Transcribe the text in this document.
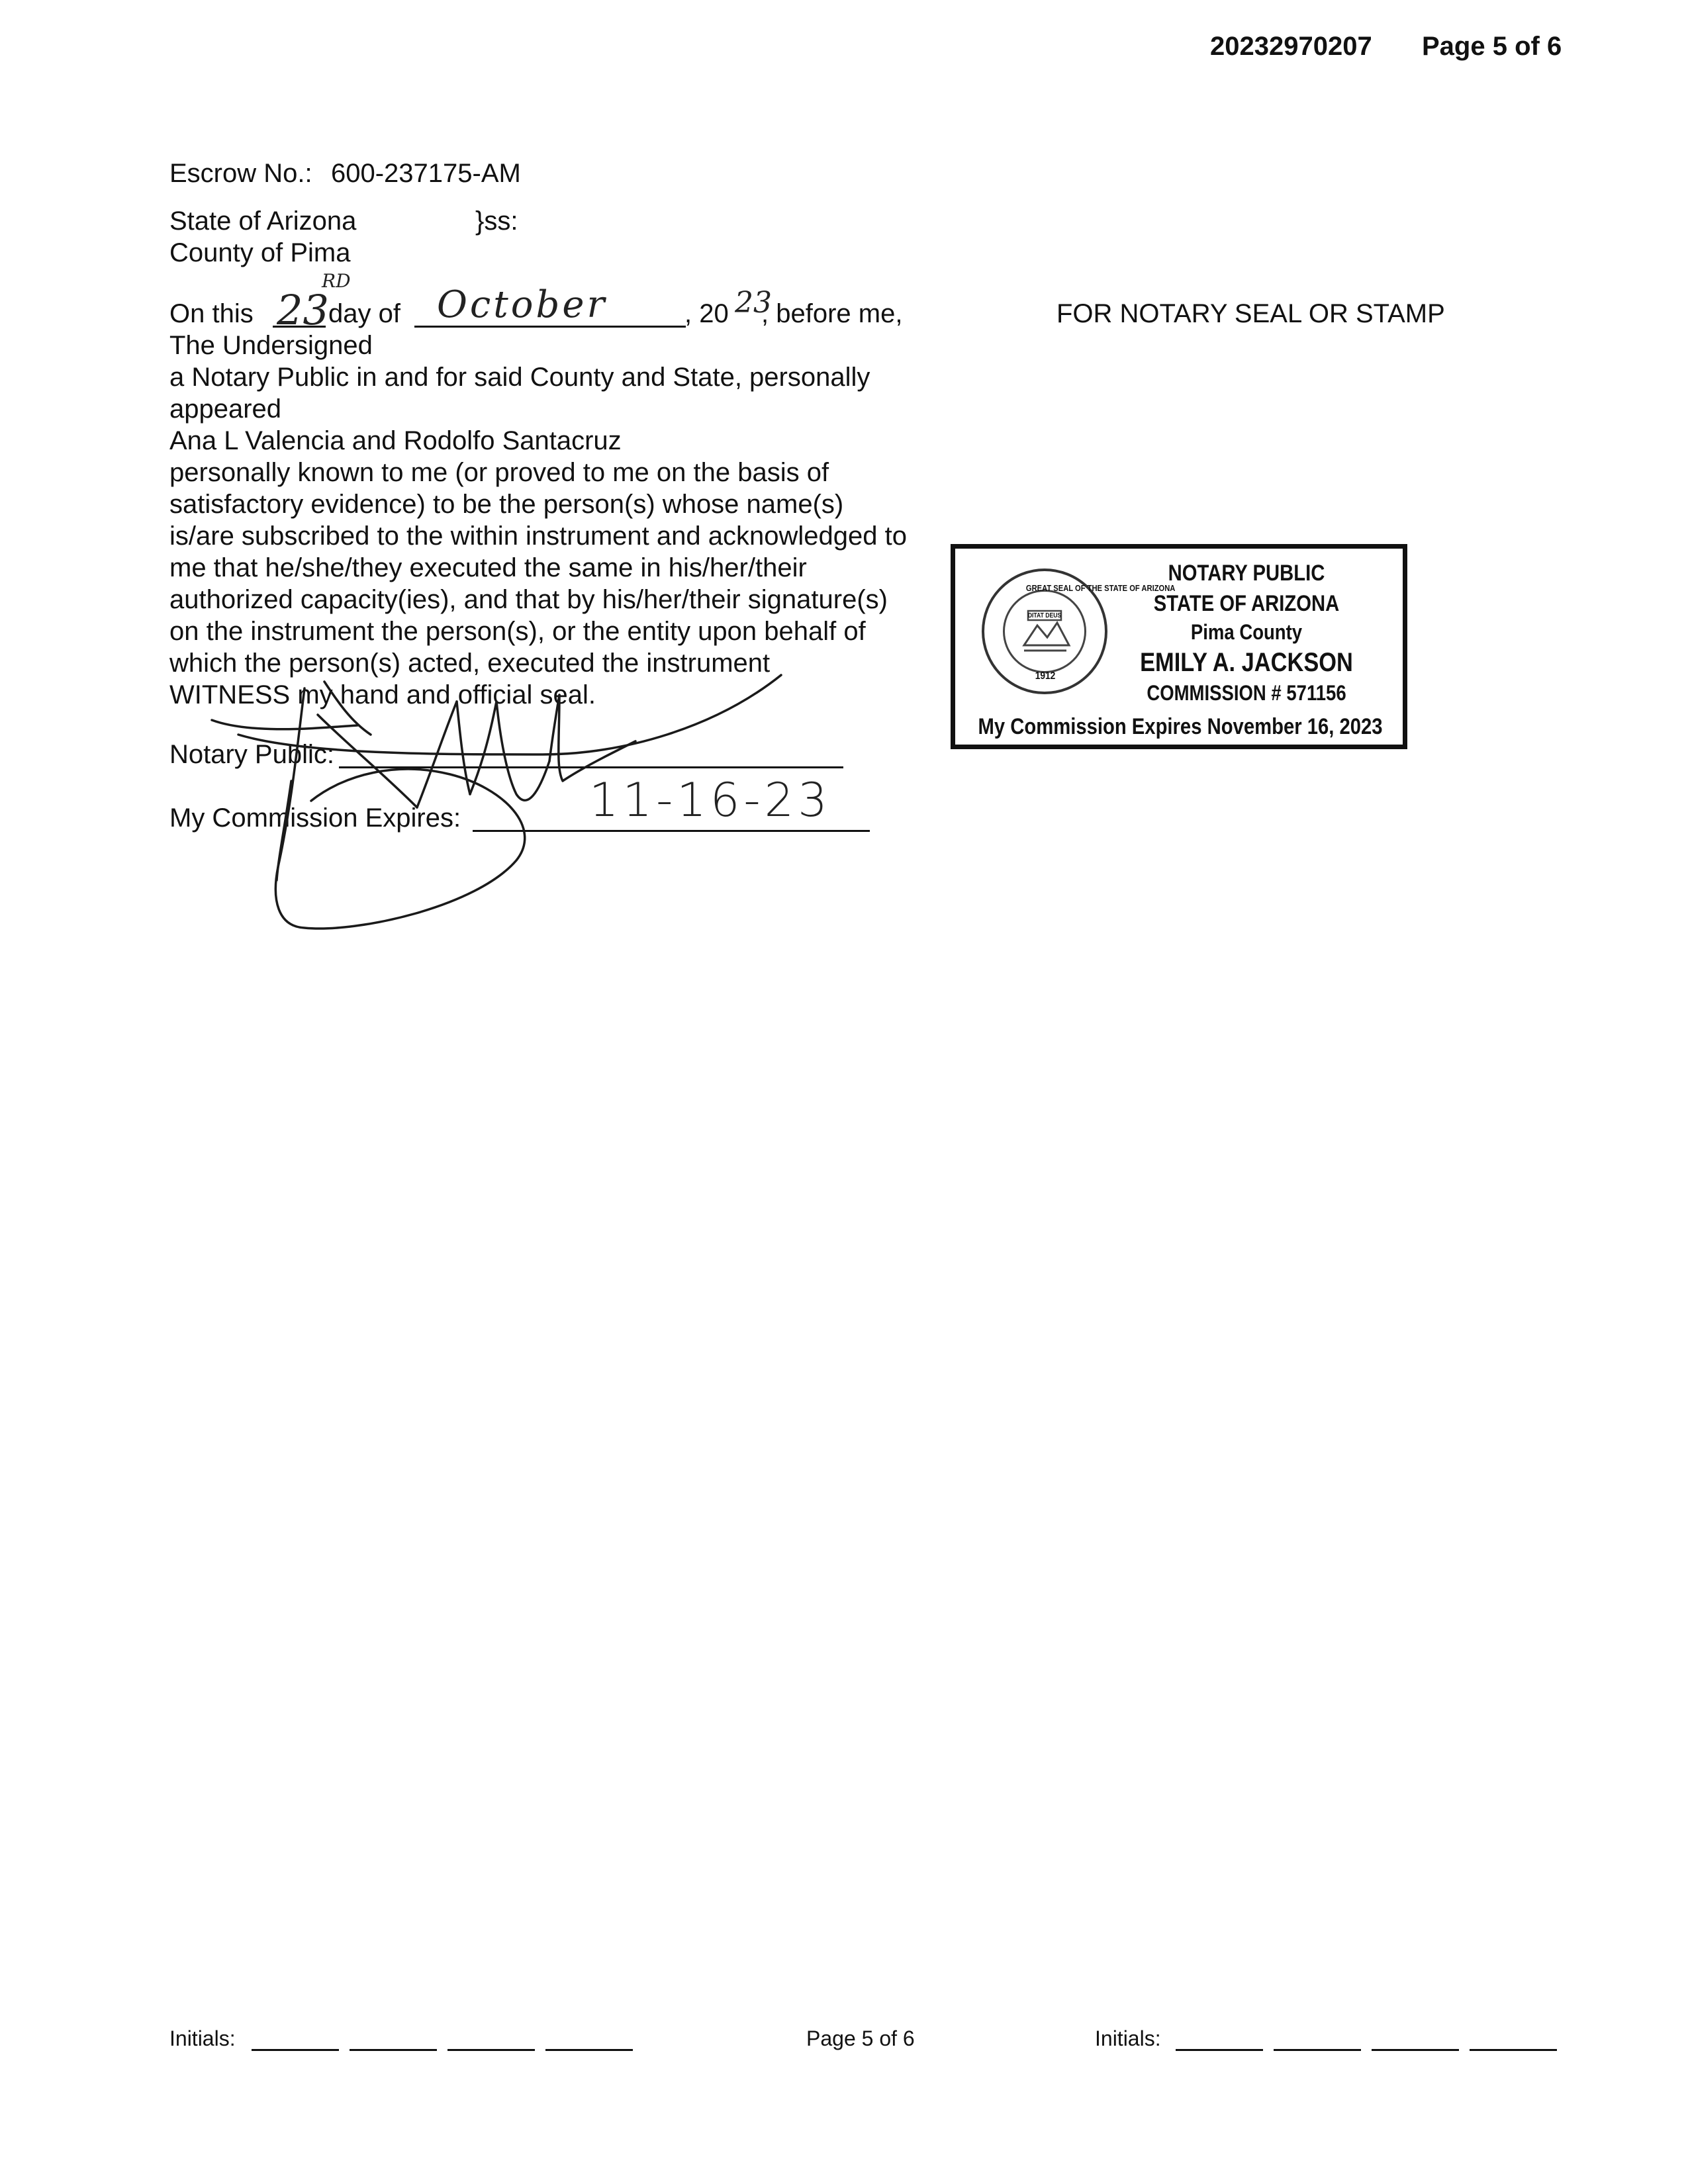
20232970207 Page 5 of 6
Escrow No.: 600-237175-AM
State of Arizona	}ss:
County of Pima
On this 23
RD
day of October	, 20 23
, before me,
The Undersigned
a Notary Public in and for said County and State, personally
appeared
Ana L Valencia and Rodolfo Santacruz
personally known to me (or proved to me on the basis of
satisfactory evidence) to be the person(s) whose name(s)
is/are subscribed to the within instrument and acknowledged to
me that he/she/they executed the same in his/her/their
authorized capacity(ies), and that by his/her/their signature(s)
on the instrument the person(s), or the entity upon behalf of
which the person(s) acted, executed the instrument
WITNESS my hand and official seal.
Notary Public:
My Commission Expires:	11-16-23
FOR NOTARY SEAL OR STAMP
GREAT SEAL OF THE STATE OF ARIZONA
DITAT DEUS
1912
NOTARY PUBLIC
STATE OF ARIZONA
Pima County
EMILY A. JACKSON
COMMISSION # 571156
My Commission Expires November 16, 2023
Initials:	Page 5 of 6	Initials:
